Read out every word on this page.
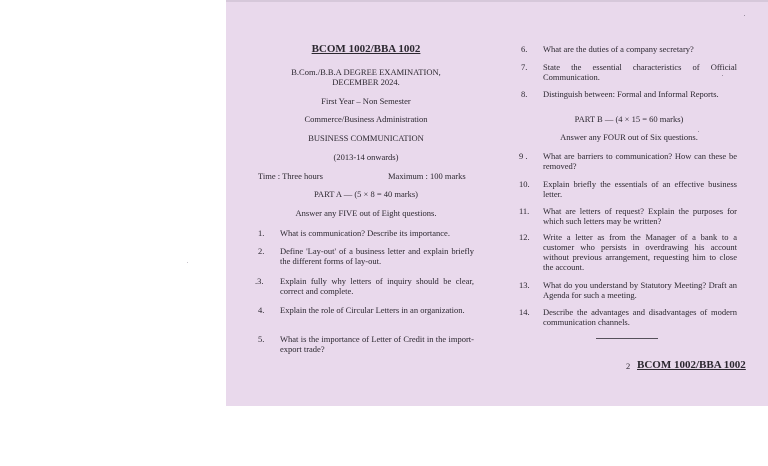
BCOM 1002/BBA 1002
B.Com./B.B.A DEGREE EXAMINATION,
DECEMBER 2024.
First Year – Non Semester
Commerce/Business Administration
BUSINESS COMMUNICATION
(2013-14 onwards)
Time : Three hours	Maximum : 100 marks
PART A — (5 × 8 = 40 marks)
Answer any FIVE out of Eight questions.
1. What is communication? Describe its importance.
2. Define 'Lay-out' of a business letter and explain briefly the different forms of lay-out.
.3. Explain fully why letters of inquiry should be clear, correct and complete.
4. Explain the role of Circular Letters in an organization.
5. What is the importance of Letter of Credit in the import-export trade?
6. What are the duties of a company secretary?
7. State the essential characteristics of Official Communication.
8. Distinguish between: Formal and Informal Reports.
PART B — (4 × 15 = 60 marks)
Answer any FOUR out of Six questions.
9 . What are barriers to communication? How can these be removed?
10. Explain briefly the essentials of an effective business letter.
11. What are letters of request? Explain the purposes for which such letters may be written?
12. Write a letter as from the Manager of a bank to a customer who persists in overdrawing his account without previous arrangement, requesting him to close the account.
13. What do you understand by Statutory Meeting? Draft an Agenda for such a meeting.
14. Describe the advantages and disadvantages of modern communication channels.
2 BCOM 1002/BBA 1002
